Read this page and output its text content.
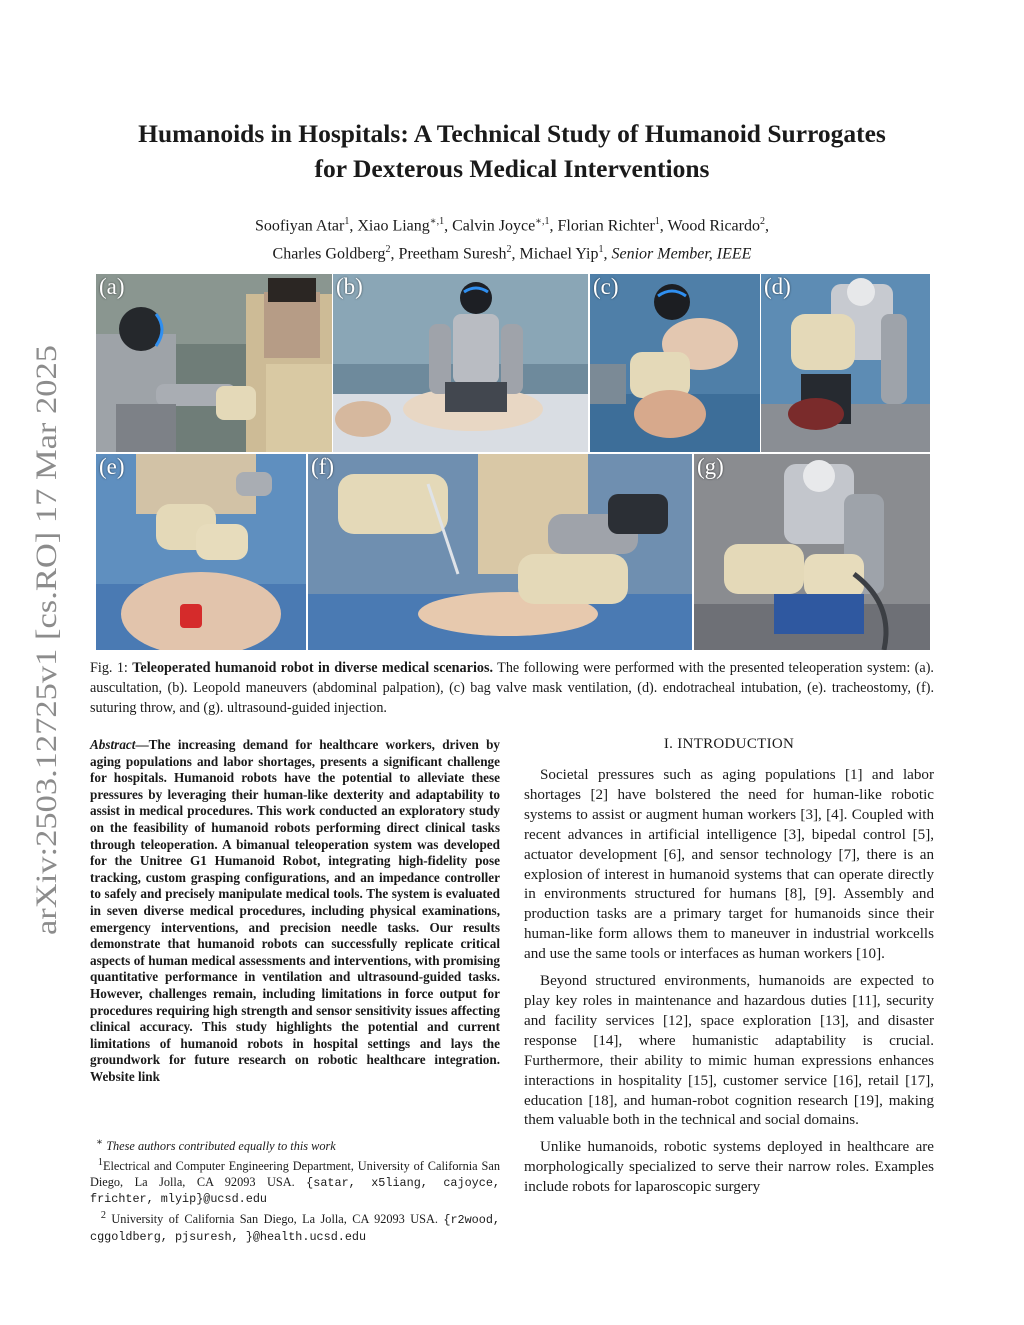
arXiv:2503.12725v1 [cs.RO] 17 Mar 2025
Humanoids in Hospitals: A Technical Study of Humanoid Surrogates
for Dexterous Medical Interventions
Soofiyan Atar$^1$, Xiao Liang$^{∗,1}$, Calvin Joyce$^{∗,1}$, Florian Richter$^1$, Wood Ricardo$^2$,
Charles Goldberg$^2$, Preetham Suresh$^2$, Michael Yip$^1$, Senior Member, IEEE
(a)	(b)	(c)	(d)
(e)	(f)	(g)
Fig. 1: Teleoperated humanoid robot in diverse medical scenarios. The following were performed with the presented teleoperation system: (a). auscultation, (b). Leopold maneuvers (abdominal palpation), (c) bag valve mask ventilation, (d). endotracheal intubation, (e). tracheostomy, (f). suturing throw, and (g). ultrasound-guided injection.
Abstract—The increasing demand for healthcare workers, driven by aging populations and labor shortages, presents a significant challenge for hospitals. Humanoid robots have the potential to alleviate these pressures by leveraging their human-like dexterity and adaptability to assist in medical procedures. This work conducted an exploratory study on the feasibility of humanoid robots performing direct clinical tasks through teleoperation. A bimanual teleoperation system was developed for the Unitree G1 Humanoid Robot, integrating high-fidelity pose tracking, custom grasping configurations, and an impedance controller to safely and precisely manipulate medical tools. The system is evaluated in seven diverse medical procedures, including physical examinations, emergency interventions, and precision needle tasks. Our results demonstrate that humanoid robots can successfully replicate critical aspects of human medical assessments and interventions, with promising quantitative performance in ventilation and ultrasound-guided tasks. However, challenges remain, including limitations in force output for procedures requiring high strength and sensor sensitivity issues affecting clinical accuracy. This study highlights the potential and current limitations of humanoid robots in hospital settings and lays the groundwork for future research on robotic healthcare integration. Website link

∗ These authors contributed equally to this work

$^1$Electrical and Computer Engineering Department, University of California San Diego, La Jolla, CA 92093 USA. {satar, x5liang, cajoyce, frichter, mlyip}@ucsd.edu

$^2$ University of California San Diego, La Jolla, CA 92093 USA. {r2wood, cggoldberg, pjsuresh, }@health.ucsd.edu

I. INTRODUCTION

Societal pressures such as aging populations [1] and labor shortages [2] have bolstered the need for human-like robotic systems to assist or augment human workers [3], [4]. Coupled with recent advances in artificial intelligence [3], bipedal control [5], actuator development [6], and sensor technology [7], there is an explosion of interest in humanoid systems that can operate directly in environments structured for humans [8], [9]. Assembly and production tasks are a primary target for humanoids since their human-like form allows them to maneuver in industrial workcells and use the same tools or interfaces as human workers [10].

Beyond structured environments, humanoids are expected to play key roles in maintenance and hazardous duties [11], security and facility services [12], space exploration [13], and disaster response [14], where humanistic adaptability is crucial. Furthermore, their ability to mimic human expressions enhances interactions in hospitality [15], customer service [16], retail [17], education [18], and human-robot cognition research [19], making them valuable both in the technical and social domains.

Unlike humanoids, robotic systems deployed in healthcare are morphologically specialized to serve their narrow roles. Examples include robots for laparoscopic surgery
